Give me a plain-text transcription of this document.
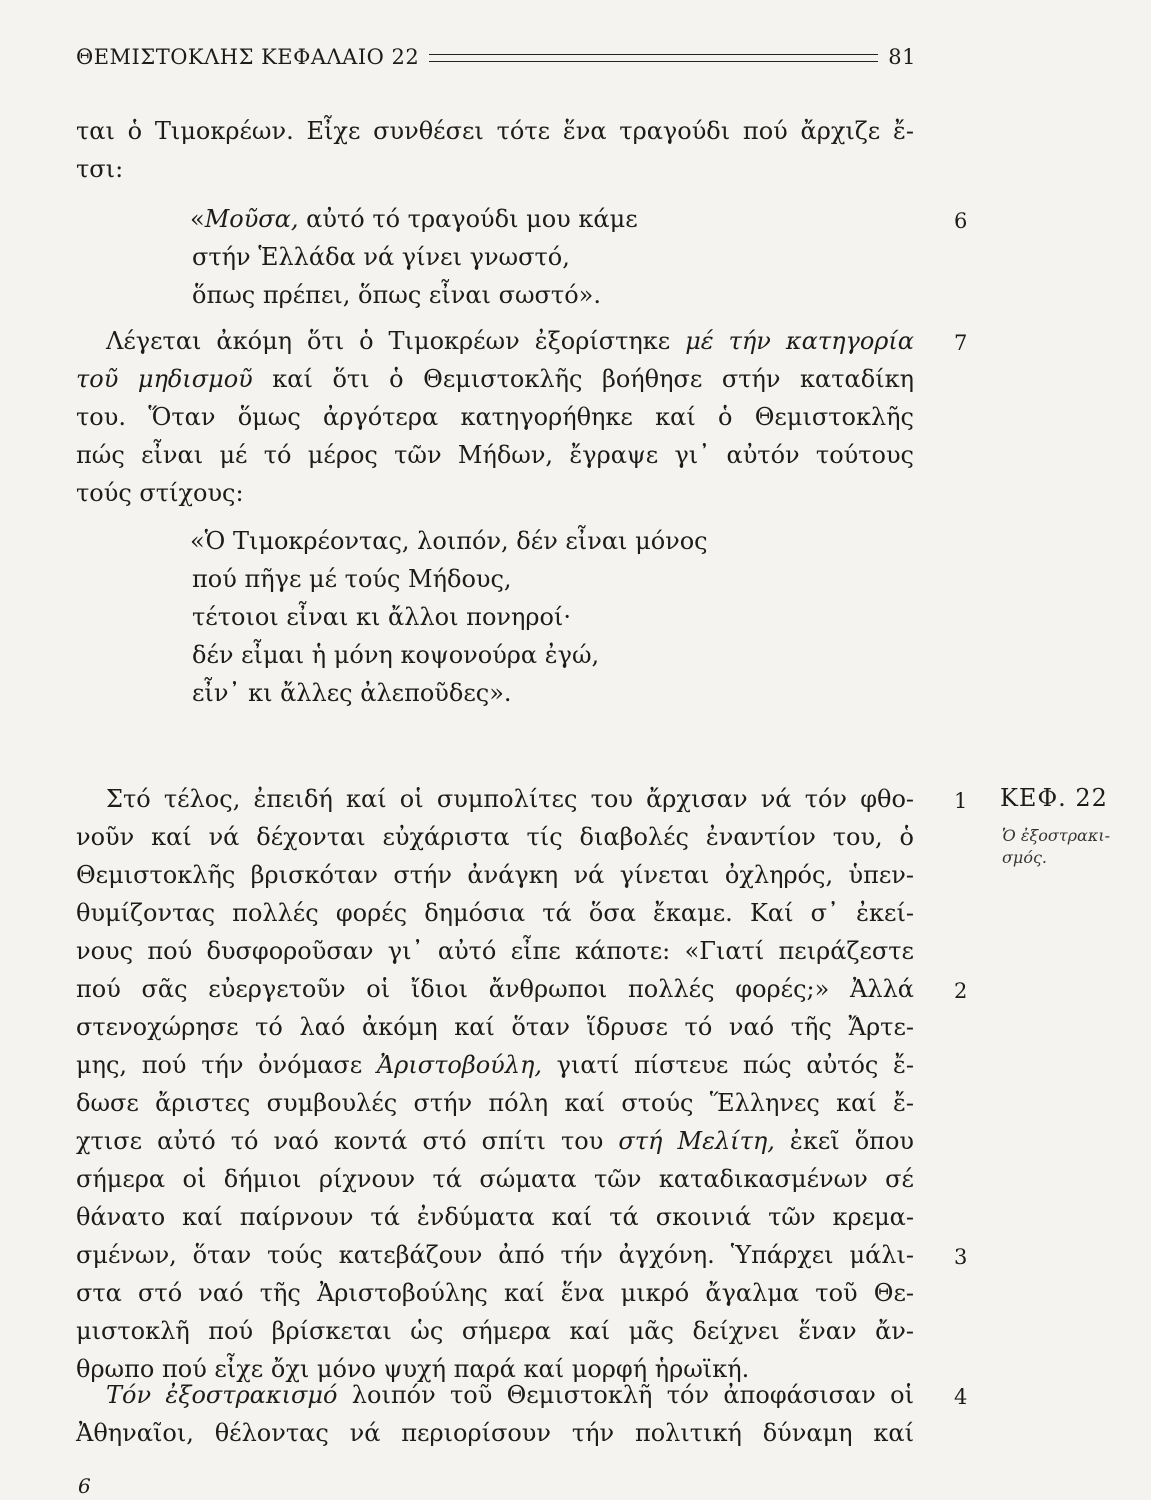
ΘΕΜΙΣΤΟΚΛΗΣ ΚΕΦΑΛΑΙΟ 22	81
ται ὁ Τιμοκρέων. Εἶχε συνθέσει τότε ἕνα τραγούδι πού ἄρχιζε ἔ-
τσι:
«Μοῦσα, αὐτό τό τραγούδι μου κάμε
στήν Ἑλλάδα νά γίνει γνωστό,
ὅπως πρέπει, ὅπως εἶναι σωστό».
Λέγεται ἀκόμη ὅτι ὁ Τιμοκρέων ἐξορίστηκε μέ τήν κατηγορία
τοῦ μηδισμοῦ καί ὅτι ὁ Θεμιστοκλῆς βοήθησε στήν καταδίκη
του. Ὅταν ὅμως ἀργότερα κατηγορήθηκε καί ὁ Θεμιστοκλῆς
πώς εἶναι μέ τό μέρος τῶν Μήδων, ἔγραψε γι᾽ αὐτόν τούτους
τούς στίχους:
«Ὁ Τιμοκρέοντας, λοιπόν, δέν εἶναι μόνος
πού πῆγε μέ τούς Μήδους,
τέτοιοι εἶναι κι ἄλλοι πονηροί·
δέν εἶμαι ἡ μόνη κοψονούρα ἐγώ,
εἶν᾽ κι ἄλλες ἀλεποῦδες».
Στό τέλος, ἐπειδή καί οἱ συμπολίτες του ἄρχισαν νά τόν φθο-
νοῦν καί νά δέχονται εὐχάριστα τίς διαβολές ἐναντίον του, ὁ
Θεμιστοκλῆς βρισκόταν στήν ἀνάγκη νά γίνεται ὀχληρός, ὑπεν-
θυμίζοντας πολλές φορές δημόσια τά ὅσα ἔκαμε. Καί σ᾽ ἐκεί-
νους πού δυσφοροῦσαν γι᾽ αὐτό εἶπε κάποτε: «Γιατί πειράζεστε
πού σᾶς εὐεργετοῦν οἱ ἴδιοι ἄνθρωποι πολλές φορές;» Ἀλλά
στενοχώρησε τό λαό ἀκόμη καί ὅταν ἵδρυσε τό ναό τῆς Ἄρτε-
μης, πού τήν ὀνόμασε Ἀριστοβούλη, γιατί πίστευε πώς αὐτός ἔ-
δωσε ἄριστες συμβουλές στήν πόλη καί στούς Ἕλληνες καί ἔ-
χτισε αὐτό τό ναό κοντά στό σπίτι του στή Μελίτη, ἐκεῖ ὅπου
σήμερα οἱ δήμιοι ρίχνουν τά σώματα τῶν καταδικασμένων σέ
θάνατο καί παίρνουν τά ἐνδύματα καί τά σκοινιά τῶν κρεμα-
σμένων, ὅταν τούς κατεβάζουν ἀπό τήν ἀγχόνη. Ὑπάρχει μάλι-
στα στό ναό τῆς Ἀριστοβούλης καί ἕνα μικρό ἄγαλμα τοῦ Θε-
μιστοκλῆ πού βρίσκεται ὡς σήμερα καί μᾶς δείχνει ἕναν ἄν-
θρωπο πού εἶχε ὄχι μόνο ψυχή παρά καί μορφή ἡρωϊκή.
Τόν ἐξοστρακισμό λοιπόν τοῦ Θεμιστοκλῆ τόν ἀποφάσισαν οἱ
Ἀθηναῖοι, θέλοντας νά περιορίσουν τήν πολιτική δύναμη καί
6
7
1
2
3
4
ΚΕΦ. 22
Ὁ ἐξοστρακι-
σμός.
6
